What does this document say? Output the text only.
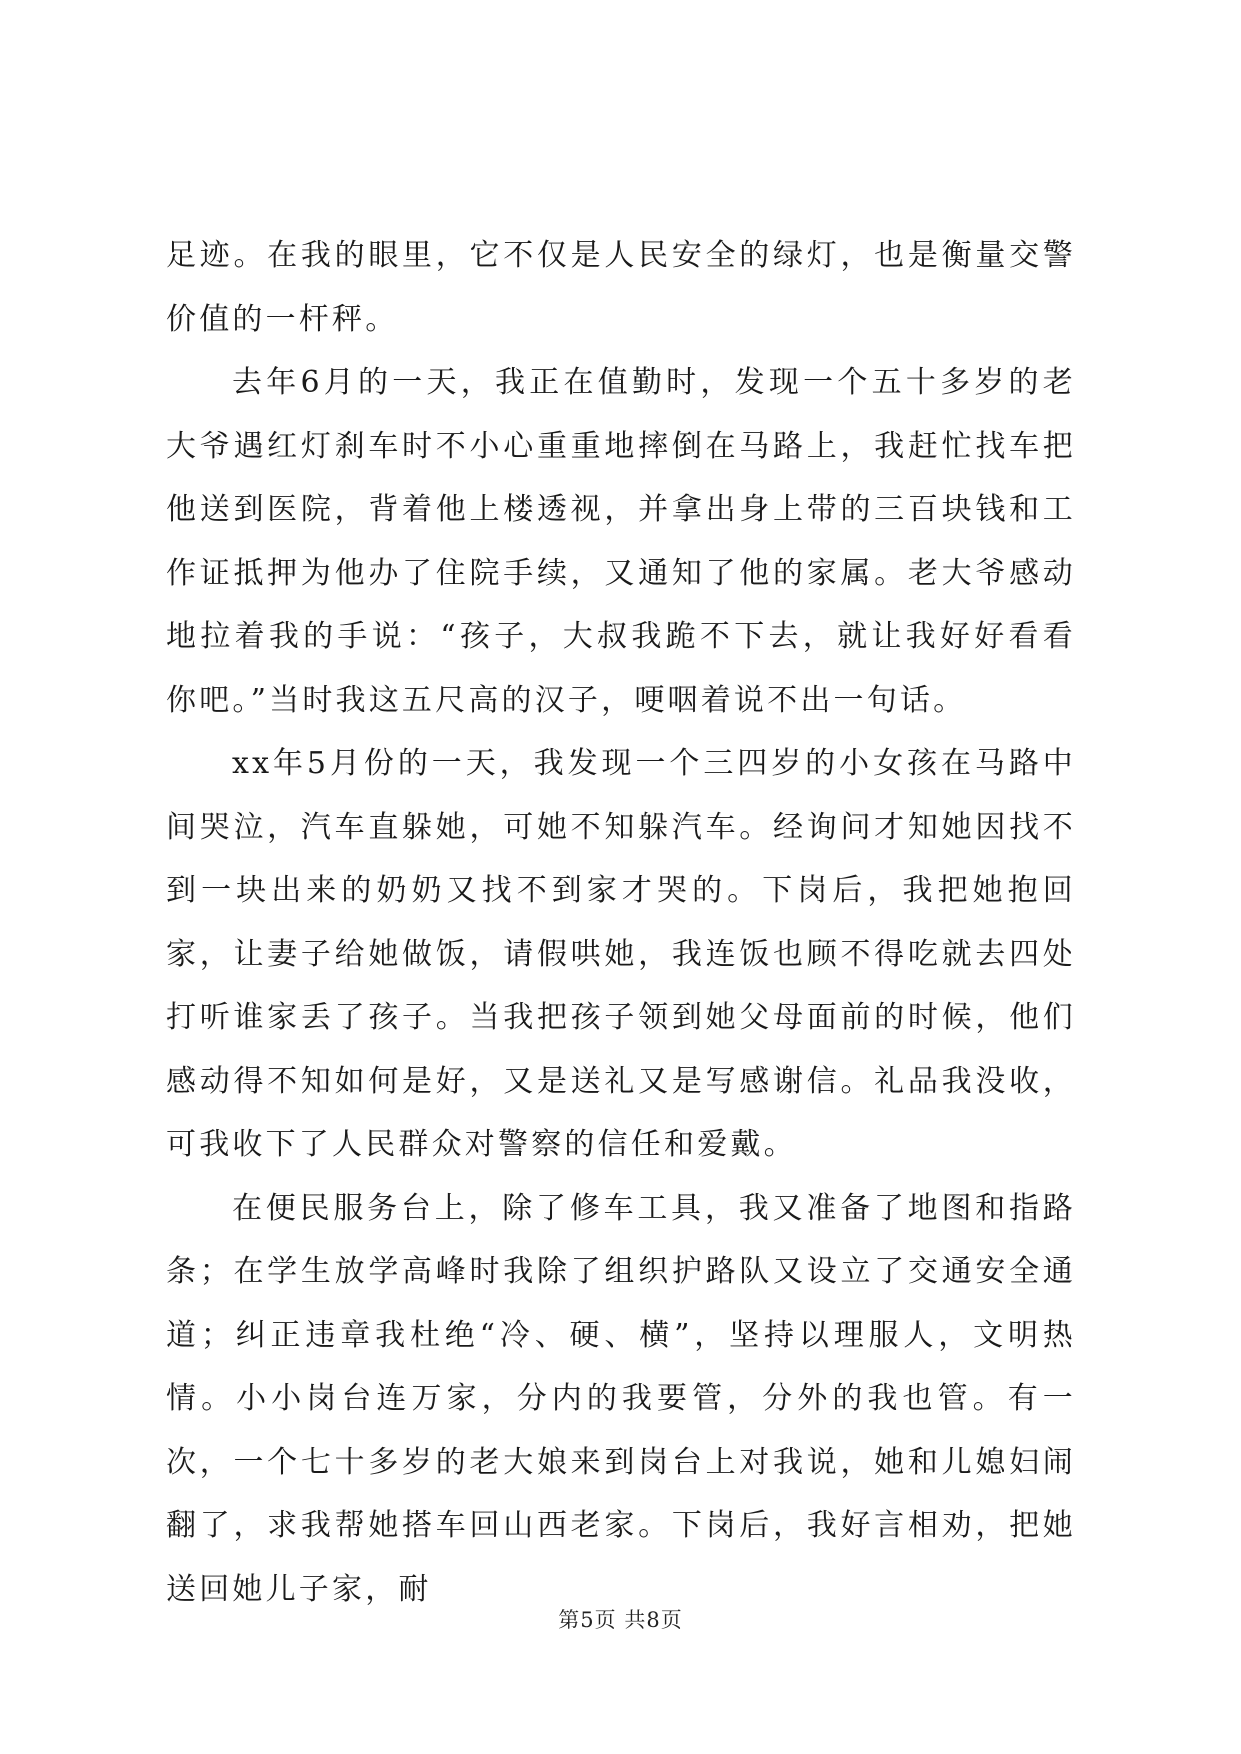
足迹。在我的眼里，它不仅是人民安全的绿灯，也是衡量交警价值的一杆秤。

去年6月的一天，我正在值勤时，发现一个五十多岁的老大爷遇红灯刹车时不小心重重地摔倒在马路上，我赶忙找车把他送到医院，背着他上楼透视，并拿出身上带的三百块钱和工作证抵押为他办了住院手续，又通知了他的家属。老大爷感动地拉着我的手说：“孩子，大叔我跪不下去，就让我好好看看你吧。”当时我这五尺高的汉子，哽咽着说不出一句话。

xx年5月份的一天，我发现一个三四岁的小女孩在马路中间哭泣，汽车直躲她，可她不知躲汽车。经询问才知她因找不到一块出来的奶奶又找不到家才哭的。下岗后，我把她抱回家，让妻子给她做饭，请假哄她，我连饭也顾不得吃就去四处打听谁家丢了孩子。当我把孩子领到她父母面前的时候，他们感动得不知如何是好，又是送礼又是写感谢信。礼品我没收，可我收下了人民群众对警察的信任和爱戴。

在便民服务台上，除了修车工具，我又准备了地图和指路条；在学生放学高峰时我除了组织护路队又设立了交通安全通道；纠正违章我杜绝“冷、硬、横”，坚持以理服人，文明热情。小小岗台连万家，分内的我要管，分外的我也管。有一次，一个七十多岁的老大娘来到岗台上对我说，她和儿媳妇闹翻了，求我帮她搭车回山西老家。下岗后，我好言相劝，把她送回她儿子家，耐

第5页 共8页
